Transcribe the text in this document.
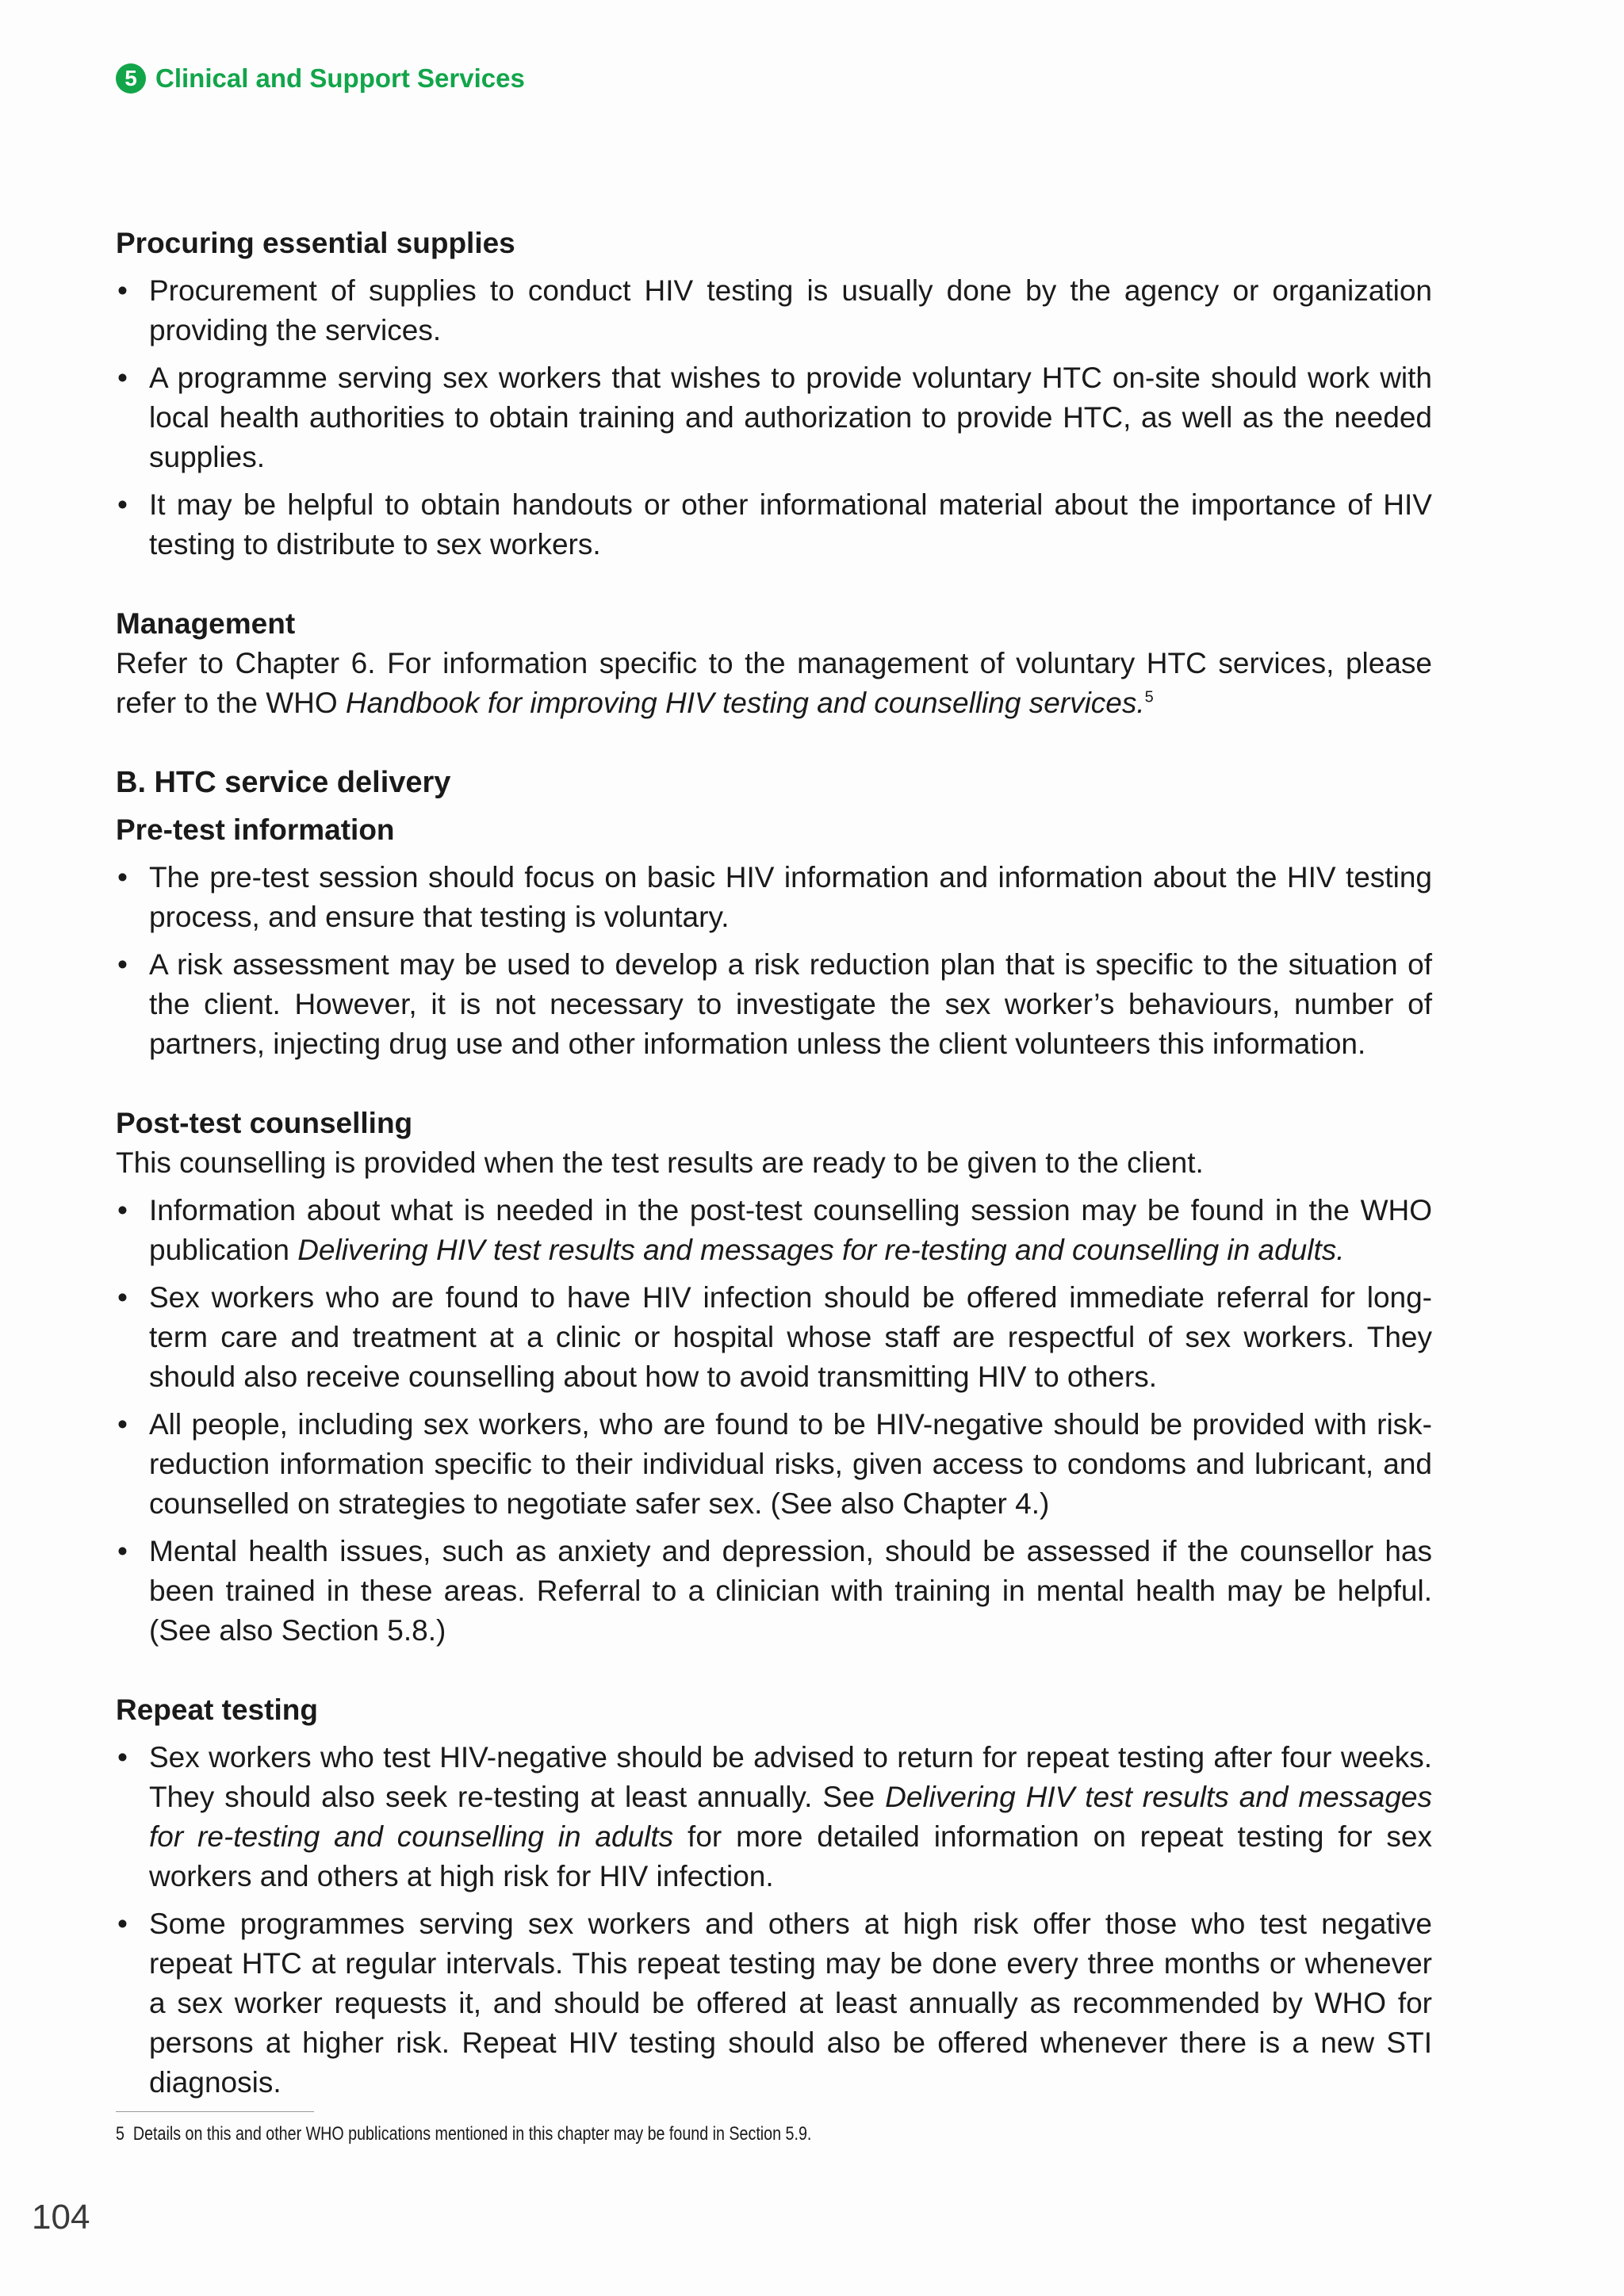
5 Clinical and Support Services
Procuring essential supplies
• Procurement of supplies to conduct HIV testing is usually done by the agency or organization providing the services.
• A programme serving sex workers that wishes to provide voluntary HTC on-site should work with local health authorities to obtain training and authorization to provide HTC, as well as the needed supplies.
• It may be helpful to obtain handouts or other informational material about the importance of HIV testing to distribute to sex workers.
Management

Refer to Chapter 6. For information specific to the management of voluntary HTC services, please refer to the WHO Handbook for improving HIV testing and counselling services.$^5$

B. HTC service delivery
Pre-test information
• The pre-test session should focus on basic HIV information and information about the HIV testing process, and ensure that testing is voluntary.
• A risk assessment may be used to develop a risk reduction plan that is specific to the situation of the client. However, it is not necessary to investigate the sex worker’s behaviours, number of partners, injecting drug use and other information unless the client volunteers this information.
Post-test counselling

This counselling is provided when the test results are ready to be given to the client.

• Information about what is needed in the post-test counselling session may be found in the WHO publication Delivering HIV test results and messages for re-testing and counselling in adults.
• Sex workers who are found to have HIV infection should be offered immediate referral for long-term care and treatment at a clinic or hospital whose staff are respectful of sex workers. They should also receive counselling about how to avoid transmitting HIV to others.
• All people, including sex workers, who are found to be HIV-negative should be provided with risk-reduction information specific to their individual risks, given access to condoms and lubricant, and counselled on strategies to negotiate safer sex. (See also Chapter 4.)
• Mental health issues, such as anxiety and depression, should be assessed if the counsellor has been trained in these areas. Referral to a clinician with training in mental health may be helpful. (See also Section 5.8.)
Repeat testing
• Sex workers who test HIV-negative should be advised to return for repeat testing after four weeks. They should also seek re-testing at least annually. See Delivering HIV test results and messages for re-testing and counselling in adults for more detailed information on repeat testing for sex workers and others at high risk for HIV infection.
• Some programmes serving sex workers and others at high risk offer those who test negative repeat HTC at regular intervals. This repeat testing may be done every three months or whenever a sex worker requests it, and should be offered at least annually as recommended by WHO for persons at higher risk. Repeat HIV testing should also be offered whenever there is a new STI diagnosis.
5 Details on this and other WHO publications mentioned in this chapter may be found in Section 5.9.
104
